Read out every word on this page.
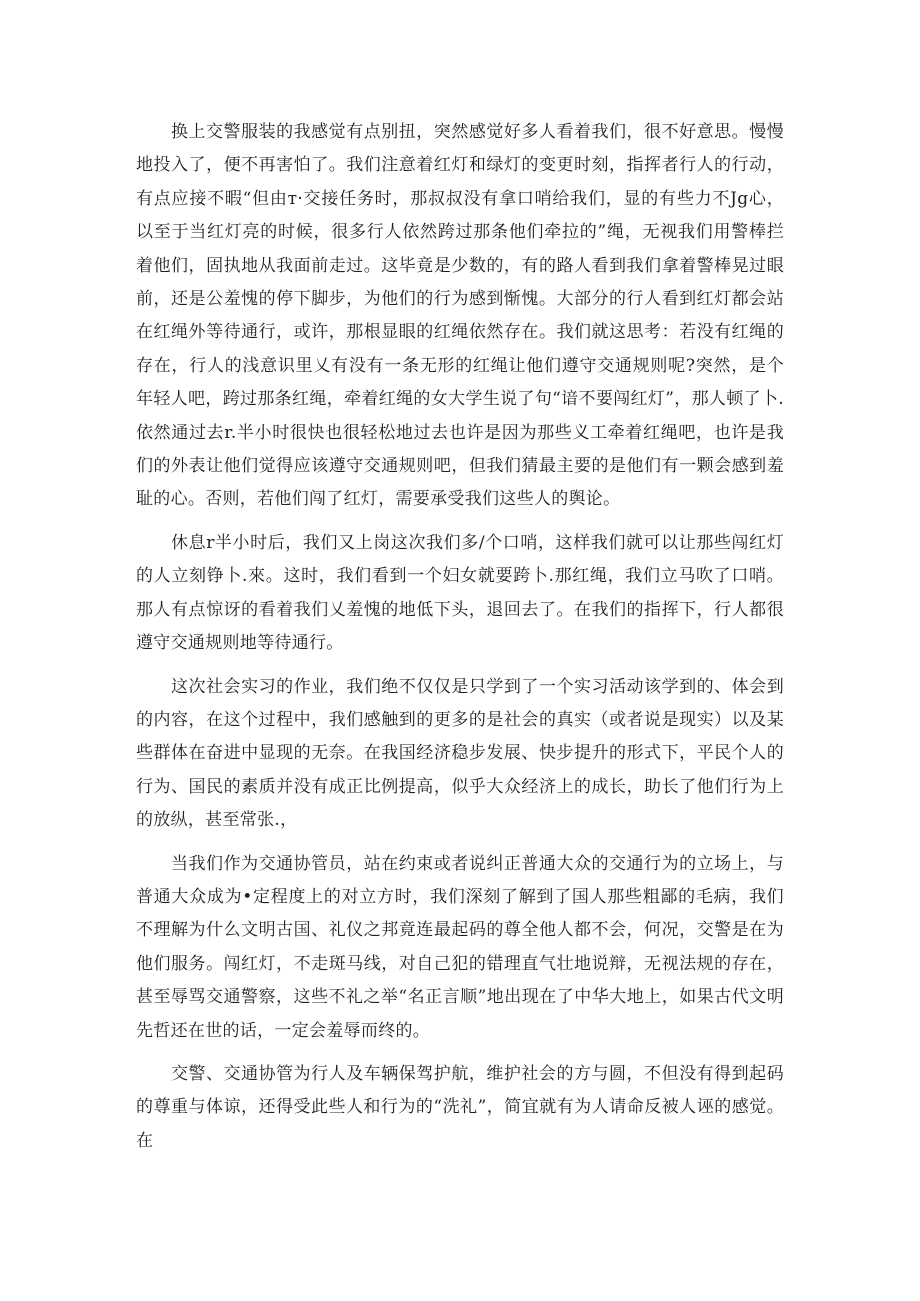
换上交警服装的我感觉有点别扭，突然感觉好多人看着我们，很不好意思。慢慢地投入了，便不再害怕了。我们注意着红灯和绿灯的变更时刻，指挥者行人的行动，有点应接不暇“但由т·交接任务时，那叔叔没有拿口哨给我们，显的有些力不Jg心，以至于当红灯亮的时候，很多行人依然跨过那条他们牵拉的”绳，无视我们用警棒拦着他们，固执地从我面前走过。这毕竟是少数的，有的路人看到我们拿着警棒晃过眼前，还是公羞愧的停下脚步，为他们的行为感到惭愧。大部分的行人看到红灯都会站在红绳外等待通行，或许，那根显眼的红绳依然存在。我们就这思考：若没有红绳的存在，行人的浅意识里乂有没有一条无形的红绳让他们遵守交通规则呢?突然，是个年轻人吧，跨过那条红绳，牵着红绳的女大学生说了句“谙不要闯红灯”，那人顿了卜.依然通过去r.半小时很快也很轻松地过去也许是因为那些义工牵着红绳吧，也许是我们的外表让他们觉得应该遵守交通规则吧，但我们猜最主要的是他们有一颗会感到羞耻的心。否则，若他们闯了红灯，需要承受我们这些人的舆论。

休息r半小时后，我们又上岗这次我们多/个口哨，这样我们就可以让那些闯红灯的人立刻铮卜.來。这时，我们看到一个妇女就要跨卜.那红绳，我们立马吹了口哨。那人有点惊讶的看着我们乂羞愧的地低下头，退回去了。在我们的指挥下，行人都很遵守交通规则地等待通行。

这次社会实习的作业，我们绝不仅仅是只学到了一个实习活动该学到的、体会到的内容，在这个过程中，我们感触到的更多的是社会的真实（或者说是现实）以及某些群体在奋进中显现的无奈。在我国经济稳步发展、快步提升的形式下，平民个人的行为、国民的素质并没有成正比例提高，似乎大众经济上的成长，助长了他们行为上的放纵，甚至常张.，

当我们作为交通协管员，站在约束或者说纠正普通大众的交通行为的立场上，与普通大众成为•定程度上的对立方时，我们深刻了解到了国人那些粗鄙的毛病，我们不理解为什么文明古国、礼仪之邦竟连最起码的尊全他人都不会，何况，交警是在为他们服务。闯红灯，不走斑马线，对自己犯的错理直气壮地说辩，无视法规的存在，甚至辱骂交通警察，这些不礼之举“名正言顺”地出现在了中华大地上，如果古代文明先哲还在世的话，一定会羞辱而终的。

交警、交通协管为行人及车辆保驾护航，维护社会的方与圆，不但没有得到起码的尊重与体谅，还得受此些人和行为的“洗礼”，简宜就有为人请命反被人诬的感觉。在
